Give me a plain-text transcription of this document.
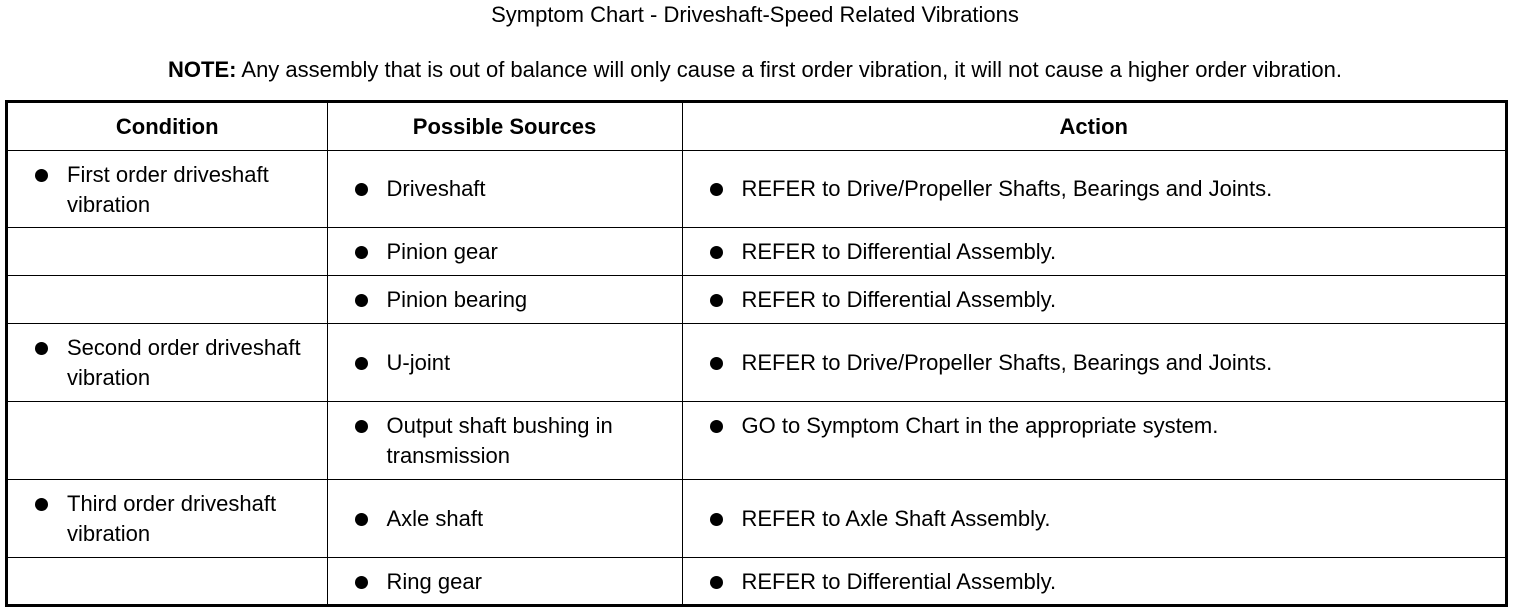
Symptom Chart - Driveshaft-Speed Related Vibrations
NOTE: Any assembly that is out of balance will only cause a first order vibration, it will not cause a higher order vibration.
Condition	Possible Sources	Action

First order driveshaft vibration	Driveshaft	REFER to Drive/Propeller Shafts, Bearings and Joints.

	Pinion gear	REFER to Differential Assembly.

	Pinion bearing	REFER to Differential Assembly.

Second order driveshaft vibration	U-joint	REFER to Drive/Propeller Shafts, Bearings and Joints.

	Output shaft bushing in transmission	GO to Symptom Chart in the appropriate system.

Third order driveshaft vibration	Axle shaft	REFER to Axle Shaft Assembly.

	Ring gear	REFER to Differential Assembly.
